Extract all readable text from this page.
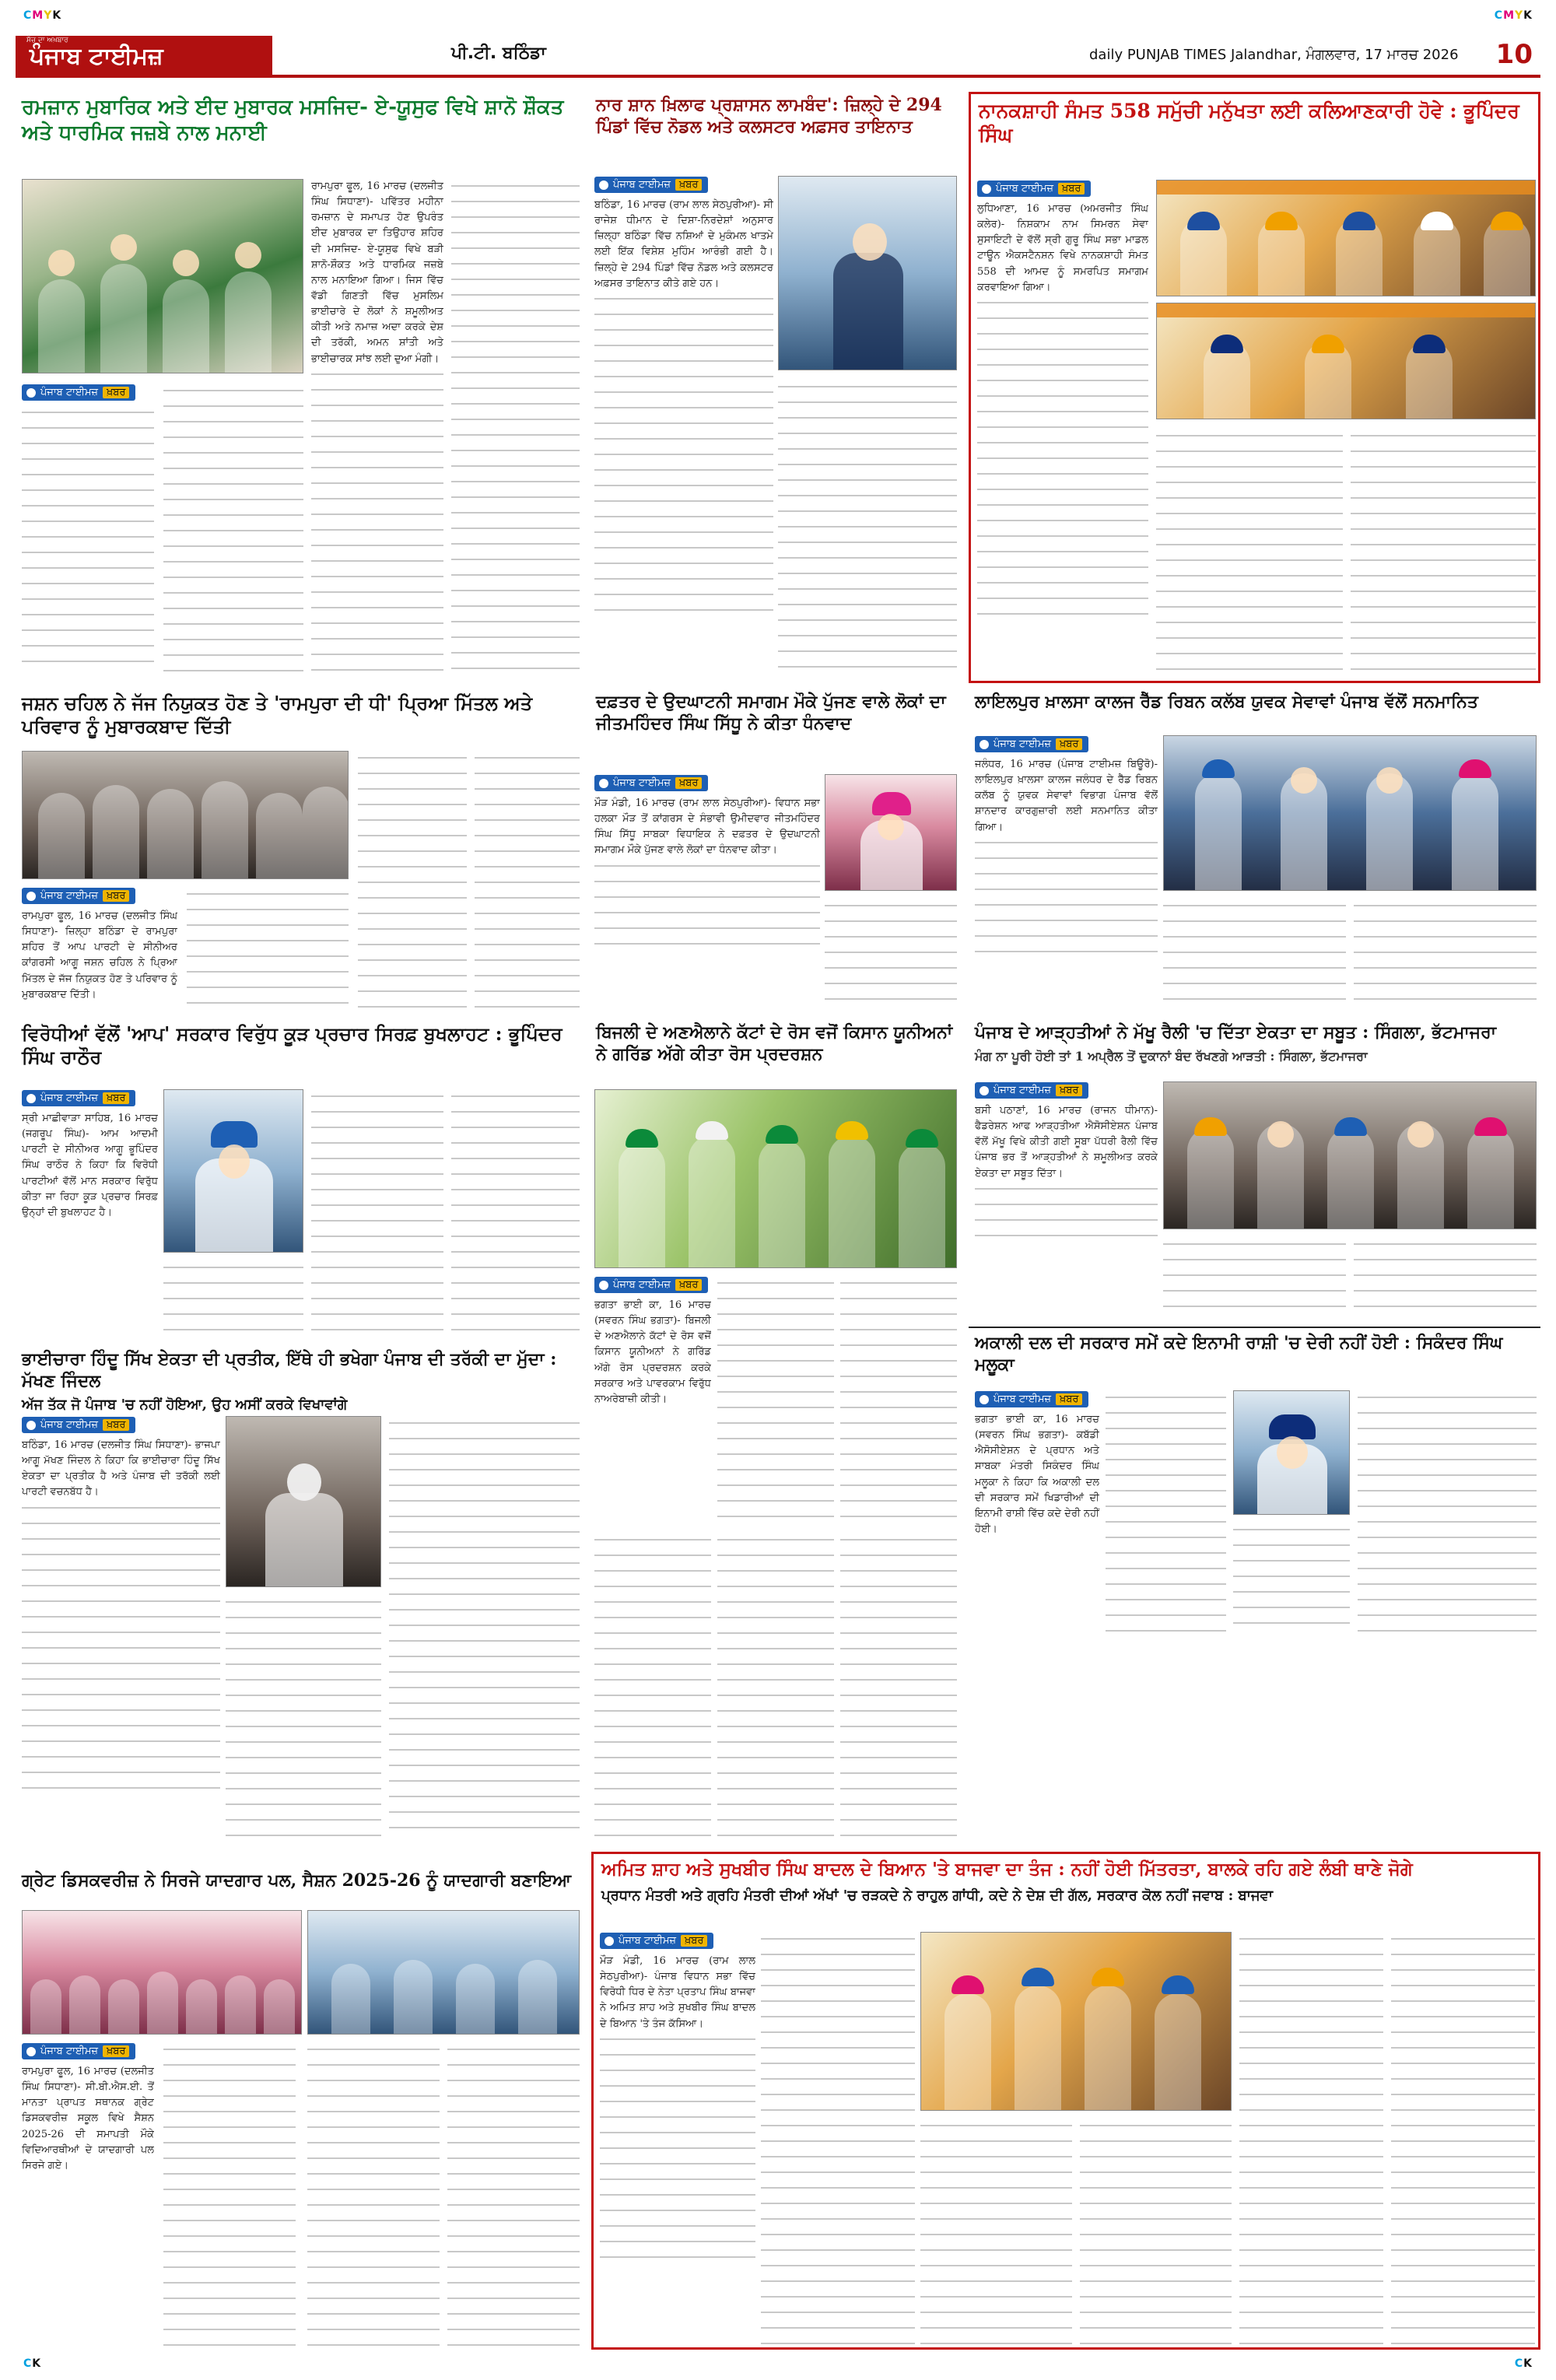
CMYK	CMYK
CK	CK
ਸੱਚ ਦਾ ਅਖ਼ਬਾਰ
ਪੰਜਾਬ ਟਾਈਮਜ਼	ਪੀ.ਟੀ. ਬਠਿੰਡਾ	daily PUNJAB TIMES Jalandhar, ਮੰਗਲਵਾਰ, 17 ਮਾਰਚ 2026 10
ਰਮਜ਼ਾਨ ਮੁਬਾਰਿਕ ਅਤੇ ਈਦ ਮੁਬਾਰਕ ਮਸਜਿਦ- ਏ-ਯੂਸੁਫ ਵਿਖੇ ਸ਼ਾਨੋ ਸ਼ੌਕਤ ਅਤੇ ਧਾਰਮਿਕ ਜਜ਼ਬੇ ਨਾਲ ਮਨਾਈ

ਰਾਮਪੁਰਾ ਫੂਲ, 16 ਮਾਰਚ (ਦਲਜੀਤ ਸਿੰਘ ਸਿਧਾਣਾ)- ਪਵਿੱਤਰ ਮਹੀਨਾ ਰਮਜ਼ਾਨ ਦੇ ਸਮਾਪਤ ਹੋਣ ਉਪਰੰਤ ਈਦ ਮੁਬਾਰਕ ਦਾ ਤਿਉਹਾਰ ਸ਼ਹਿਰ ਦੀ ਮਸਜਿਦ- ਏ-ਯੂਸੁਫ ਵਿਖੇ ਬੜੀ ਸ਼ਾਨੋ-ਸ਼ੌਕਤ ਅਤੇ ਧਾਰਮਿਕ ਜਜ਼ਬੇ ਨਾਲ ਮਨਾਇਆ ਗਿਆ। ਜਿਸ ਵਿੱਚ ਵੱਡੀ ਗਿਣਤੀ ਵਿੱਚ ਮੁਸਲਿਮ ਭਾਈਚਾਰੇ ਦੇ ਲੋਕਾਂ ਨੇ ਸ਼ਮੂਲੀਅਤ ਕੀਤੀ ਅਤੇ ਨਮਾਜ਼ ਅਦਾ ਕਰਕੇ ਦੇਸ਼ ਦੀ ਤਰੱਕੀ, ਅਮਨ ਸ਼ਾਂਤੀ ਅਤੇ ਭਾਈਚਾਰਕ ਸਾਂਝ ਲਈ ਦੁਆ ਮੰਗੀ।

ਪੰਜਾਬ ਟਾਈਮਜ਼ ਖ਼ਬਰ
ਨਾਰ ਸ਼ਾਨ ਖ਼ਿਲਾਫ ਪ੍ਰਸ਼ਾਸਨ ਲਾਮਬੰਦ': ਜ਼ਿਲ੍ਹੇ ਦੇ 294 ਪਿੰਡਾਂ ਵਿੱਚ ਨੋਡਲ ਅਤੇ ਕਲਸਟਰ ਅਫ਼ਸਰ ਤਾਇਨਾਤ
ਪੰਜਾਬ ਟਾਈਮਜ਼ ਖ਼ਬਰ

ਬਠਿੰਡਾ, 16 ਮਾਰਚ (ਰਾਮ ਲਾਲ ਸੇਠਪੁਰੀਆ)- ਸੀ ਰਾਜੇਸ਼ ਧੀਮਾਨ ਦੇ ਦਿਸ਼ਾ-ਨਿਰਦੇਸ਼ਾਂ ਅਨੁਸਾਰ ਜ਼ਿਲ੍ਹਾ ਬਠਿੰਡਾ ਵਿੱਚ ਨਸ਼ਿਆਂ ਦੇ ਮੁਕੰਮਲ ਖਾਤਮੇ ਲਈ ਇੱਕ ਵਿਸ਼ੇਸ਼ ਮੁਹਿੰਮ ਆਰੰਭੀ ਗਈ ਹੈ। ਜ਼ਿਲ੍ਹੇ ਦੇ 294 ਪਿੰਡਾਂ ਵਿੱਚ ਨੋਡਲ ਅਤੇ ਕਲਸਟਰ ਅਫ਼ਸਰ ਤਾਇਨਾਤ ਕੀਤੇ ਗਏ ਹਨ।

ਨਾਨਕਸ਼ਾਹੀ ਸੰਮਤ 558 ਸਮੁੱਚੀ ਮਨੁੱਖਤਾ ਲਈ ਕਲਿਆਣਕਾਰੀ ਹੋਵੇ : ਭੂਪਿੰਦਰ ਸਿੰਘ
ਪੰਜਾਬ ਟਾਈਮਜ਼ ਖ਼ਬਰ

ਲੁਧਿਆਣਾ, 16 ਮਾਰਚ (ਅਮਰਜੀਤ ਸਿੰਘ ਕਲੇਰ)- ਨਿਸ਼ਕਾਮ ਨਾਮ ਸਿਮਰਨ ਸੇਵਾ ਸੁਸਾਇਟੀ ਦੇ ਵੱਲੋਂ ਸ੍ਰੀ ਗੁਰੂ ਸਿੰਘ ਸਭਾ ਮਾਡਲ ਟਾਊਨ ਐਕਸਟੈਨਸ਼ਨ ਵਿਖੇ ਨਾਨਕਸ਼ਾਹੀ ਸੰਮਤ 558 ਦੀ ਆਮਦ ਨੂੰ ਸਮਰਪਿਤ ਸਮਾਗਮ ਕਰਵਾਇਆ ਗਿਆ।

ਜਸ਼ਨ ਚਹਿਲ ਨੇ ਜੱਜ ਨਿਯੁਕਤ ਹੋਣ ਤੇ 'ਰਾਮਪੁਰਾ ਦੀ ਧੀ' ਪ੍ਰਿਆ ਮਿੱਤਲ ਅਤੇ ਪਰਿਵਾਰ ਨੂੰ ਮੁਬਾਰਕਬਾਦ ਦਿੱਤੀ
ਪੰਜਾਬ ਟਾਈਮਜ਼ ਖ਼ਬਰ

ਰਾਮਪੁਰਾ ਫੂਲ, 16 ਮਾਰਚ (ਦਲਜੀਤ ਸਿੰਘ ਸਿਧਾਣਾ)- ਜ਼ਿਲ੍ਹਾ ਬਠਿੰਡਾ ਦੇ ਰਾਮਪੁਰਾ ਸ਼ਹਿਰ ਤੋਂ ਆਪ ਪਾਰਟੀ ਦੇ ਸੀਨੀਅਰ ਕਾਂਗਰਸੀ ਆਗੂ ਜਸ਼ਨ ਚਹਿਲ ਨੇ ਪ੍ਰਿਆ ਮਿੱਤਲ ਦੇ ਜੱਜ ਨਿਯੁਕਤ ਹੋਣ ਤੇ ਪਰਿਵਾਰ ਨੂੰ ਮੁਬਾਰਕਬਾਦ ਦਿੱਤੀ।

ਦਫ਼ਤਰ ਦੇ ਉਦਘਾਟਨੀ ਸਮਾਗਮ ਮੌਕੇ ਪੁੱਜਣ ਵਾਲੇ ਲੋਕਾਂ ਦਾ ਜੀਤਮਹਿੰਦਰ ਸਿੰਘ ਸਿੱਧੂ ਨੇ ਕੀਤਾ ਧੰਨਵਾਦ
ਪੰਜਾਬ ਟਾਈਮਜ਼ ਖ਼ਬਰ

ਮੌੜ ਮੰਡੀ, 16 ਮਾਰਚ (ਰਾਮ ਲਾਲ ਸੇਠਪੁਰੀਆ)- ਵਿਧਾਨ ਸਭਾ ਹਲਕਾ ਮੌੜ ਤੋਂ ਕਾਂਗਰਸ ਦੇ ਸੰਭਾਵੀ ਉਮੀਦਵਾਰ ਜੀਤਮਹਿੰਦਰ ਸਿੰਘ ਸਿੱਧੂ ਸਾਬਕਾ ਵਿਧਾਇਕ ਨੇ ਦਫ਼ਤਰ ਦੇ ਉਦਘਾਟਨੀ ਸਮਾਗਮ ਮੌਕੇ ਪੁੱਜਣ ਵਾਲੇ ਲੋਕਾਂ ਦਾ ਧੰਨਵਾਦ ਕੀਤਾ।

ਲਾਇਲਪੁਰ ਖ਼ਾਲਸਾ ਕਾਲਜ ਰੈੱਡ ਰਿਬਨ ਕਲੱਬ ਯੁਵਕ ਸੇਵਾਵਾਂ ਪੰਜਾਬ ਵੱਲੋਂ ਸਨਮਾਨਿਤ
ਪੰਜਾਬ ਟਾਈਮਜ਼ ਖ਼ਬਰ

ਜਲੰਧਰ, 16 ਮਾਰਚ (ਪੰਜਾਬ ਟਾਈਮਜ਼ ਬਿਊਰੋ)- ਲਾਇਲਪੁਰ ਖ਼ਾਲਸਾ ਕਾਲਜ ਜਲੰਧਰ ਦੇ ਰੈੱਡ ਰਿਬਨ ਕਲੱਬ ਨੂੰ ਯੁਵਕ ਸੇਵਾਵਾਂ ਵਿਭਾਗ ਪੰਜਾਬ ਵੱਲੋਂ ਸ਼ਾਨਦਾਰ ਕਾਰਗੁਜ਼ਾਰੀ ਲਈ ਸਨਮਾਨਿਤ ਕੀਤਾ ਗਿਆ।

ਵਿਰੋਧੀਆਂ ਵੱਲੋਂ 'ਆਪ' ਸਰਕਾਰ ਵਿਰੁੱਧ ਕੂੜ ਪ੍ਰਚਾਰ ਸਿਰਫ਼ ਬੁਖਲਾਹਟ : ਭੂਪਿੰਦਰ ਸਿੰਘ ਰਾਠੌਰ
ਪੰਜਾਬ ਟਾਈਮਜ਼ ਖ਼ਬਰ

ਸ੍ਰੀ ਮਾਛੀਵਾੜਾ ਸਾਹਿਬ, 16 ਮਾਰਚ (ਜਗਰੂਪ ਸਿੰਘ)- ਆਮ ਆਦਮੀ ਪਾਰਟੀ ਦੇ ਸੀਨੀਅਰ ਆਗੂ ਭੂਪਿੰਦਰ ਸਿੰਘ ਰਾਠੌਰ ਨੇ ਕਿਹਾ ਕਿ ਵਿਰੋਧੀ ਪਾਰਟੀਆਂ ਵੱਲੋਂ ਮਾਨ ਸਰਕਾਰ ਵਿਰੁੱਧ ਕੀਤਾ ਜਾ ਰਿਹਾ ਕੂੜ ਪ੍ਰਚਾਰ ਸਿਰਫ਼ ਉਨ੍ਹਾਂ ਦੀ ਬੁਖਲਾਹਟ ਹੈ।

ਬਿਜਲੀ ਦੇ ਅਣਐਲਾਨੇ ਕੱਟਾਂ ਦੇ ਰੋਸ ਵਜੋਂ ਕਿਸਾਨ ਯੂਨੀਅਨਾਂ ਨੇ ਗਰਿੱਡ ਅੱਗੇ ਕੀਤਾ ਰੋਸ ਪ੍ਰਦਰਸ਼ਨ
ਪੰਜਾਬ ਟਾਈਮਜ਼ ਖ਼ਬਰ

ਭਗਤਾ ਭਾਈ ਕਾ, 16 ਮਾਰਚ (ਸਵਰਨ ਸਿੰਘ ਭਗਤਾ)- ਬਿਜਲੀ ਦੇ ਅਣਐਲਾਨੇ ਕੱਟਾਂ ਦੇ ਰੋਸ ਵਜੋਂ ਕਿਸਾਨ ਯੂਨੀਅਨਾਂ ਨੇ ਗਰਿੱਡ ਅੱਗੇ ਰੋਸ ਪ੍ਰਦਰਸ਼ਨ ਕਰਕੇ ਸਰਕਾਰ ਅਤੇ ਪਾਵਰਕਾਮ ਵਿਰੁੱਧ ਨਾਅਰੇਬਾਜ਼ੀ ਕੀਤੀ।

ਪੰਜਾਬ ਦੇ ਆੜ੍ਹਤੀਆਂ ਨੇ ਮੱਖੂ ਰੈਲੀ 'ਚ ਦਿੱਤਾ ਏਕਤਾ ਦਾ ਸਬੂਤ : ਸਿੰਗਲਾ, ਭੱਟਮਾਜਰਾ
ਮੰਗ ਨਾ ਪੂਰੀ ਹੋਈ ਤਾਂ 1 ਅਪ੍ਰੈਲ ਤੋਂ ਦੁਕਾਨਾਂ ਬੰਦ ਰੱਖਣਗੇ ਆੜਤੀ : ਸਿੰਗਲਾ, ਭੱਟਮਾਜਰਾ
ਪੰਜਾਬ ਟਾਈਮਜ਼ ਖ਼ਬਰ

ਬਸੀ ਪਠਾਣਾਂ, 16 ਮਾਰਚ (ਰਾਜਨ ਧੀਮਾਨ)- ਫੈਡਰੇਸ਼ਨ ਆਫ ਆੜ੍ਹਤੀਆ ਐਸੋਸੀਏਸ਼ਨ ਪੰਜਾਬ ਵੱਲੋਂ ਮੱਖੂ ਵਿਖੇ ਕੀਤੀ ਗਈ ਸੂਬਾ ਪੱਧਰੀ ਰੈਲੀ ਵਿੱਚ ਪੰਜਾਬ ਭਰ ਤੋਂ ਆੜ੍ਹਤੀਆਂ ਨੇ ਸ਼ਮੂਲੀਅਤ ਕਰਕੇ ਏਕਤਾ ਦਾ ਸਬੂਤ ਦਿੱਤਾ।

ਅਕਾਲੀ ਦਲ ਦੀ ਸਰਕਾਰ ਸਮੇਂ ਕਦੇ ਇਨਾਮੀ ਰਾਸ਼ੀ 'ਚ ਦੇਰੀ ਨਹੀਂ ਹੋਈ : ਸਿਕੰਦਰ ਸਿੰਘ ਮਲੂਕਾ
ਪੰਜਾਬ ਟਾਈਮਜ਼ ਖ਼ਬਰ

ਭਗਤਾ ਭਾਈ ਕਾ, 16 ਮਾਰਚ (ਸਵਰਨ ਸਿੰਘ ਭਗਤਾ)- ਕਬੱਡੀ ਐਸੋਸੀਏਸ਼ਨ ਦੇ ਪ੍ਰਧਾਨ ਅਤੇ ਸਾਬਕਾ ਮੰਤਰੀ ਸਿਕੰਦਰ ਸਿੰਘ ਮਲੂਕਾ ਨੇ ਕਿਹਾ ਕਿ ਅਕਾਲੀ ਦਲ ਦੀ ਸਰਕਾਰ ਸਮੇਂ ਖਿਡਾਰੀਆਂ ਦੀ ਇਨਾਮੀ ਰਾਸ਼ੀ ਵਿੱਚ ਕਦੇ ਦੇਰੀ ਨਹੀਂ ਹੋਈ।

ਭਾਈਚਾਰਾ ਹਿੰਦੂ ਸਿੱਖ ਏਕਤਾ ਦੀ ਪ੍ਰਤੀਕ, ਇੱਥੇ ਹੀ ਭਖੇਗਾ ਪੰਜਾਬ ਦੀ ਤਰੱਕੀ ਦਾ ਮੁੱਦਾ : ਮੱਖਣ ਜਿੰਦਲ
ਅੱਜ ਤੱਕ ਜੋ ਪੰਜਾਬ 'ਚ ਨਹੀਂ ਹੋਇਆ, ਉਹ ਅਸੀਂ ਕਰਕੇ ਵਿਖਾਵਾਂਗੇ
ਪੰਜਾਬ ਟਾਈਮਜ਼ ਖ਼ਬਰ

ਬਠਿੰਡਾ, 16 ਮਾਰਚ (ਦਲਜੀਤ ਸਿੰਘ ਸਿਧਾਣਾ)- ਭਾਜਪਾ ਆਗੂ ਮੱਖਣ ਜਿੰਦਲ ਨੇ ਕਿਹਾ ਕਿ ਭਾਈਚਾਰਾ ਹਿੰਦੂ ਸਿੱਖ ਏਕਤਾ ਦਾ ਪ੍ਰਤੀਕ ਹੈ ਅਤੇ ਪੰਜਾਬ ਦੀ ਤਰੱਕੀ ਲਈ ਪਾਰਟੀ ਵਚਨਬੱਧ ਹੈ।

ਗ੍ਰੇਟ ਡਿਸਕਵਰੀਜ਼ ਨੇ ਸਿਰਜੇ ਯਾਦਗਾਰ ਪਲ, ਸੈਸ਼ਨ 2025-26 ਨੂੰ ਯਾਦਗਾਰੀ ਬਣਾਇਆ
ਪੰਜਾਬ ਟਾਈਮਜ਼ ਖ਼ਬਰ

ਰਾਮਪੁਰਾ ਫੂਲ, 16 ਮਾਰਚ (ਦਲਜੀਤ ਸਿੰਘ ਸਿਧਾਣਾ)- ਸੀ.ਬੀ.ਐਸ.ਈ. ਤੋਂ ਮਾਨਤਾ ਪ੍ਰਾਪਤ ਸਥਾਨਕ ਗ੍ਰੇਟ ਡਿਸਕਵਰੀਜ਼ ਸਕੂਲ ਵਿਖੇ ਸੈਸ਼ਨ 2025-26 ਦੀ ਸਮਾਪਤੀ ਮੌਕੇ ਵਿਦਿਆਰਥੀਆਂ ਦੇ ਯਾਦਗਾਰੀ ਪਲ ਸਿਰਜੇ ਗਏ।

ਅਮਿਤ ਸ਼ਾਹ ਅਤੇ ਸੁਖਬੀਰ ਸਿੰਘ ਬਾਦਲ ਦੇ ਬਿਆਨ 'ਤੇ ਬਾਜਵਾ ਦਾ ਤੰਜ : ਨਹੀਂ ਹੋਈ ਮਿੱਤਰਤਾ, ਬਾਲਕੇ ਰਹਿ ਗਏ ਲੰਬੀ ਥਾਣੇ ਜੋਗੇ
ਪ੍ਰਧਾਨ ਮੰਤਰੀ ਅਤੇ ਗ੍ਰਹਿ ਮੰਤਰੀ ਦੀਆਂ ਅੱਖਾਂ 'ਚ ਰੜਕਦੇ ਨੇ ਰਾਹੁਲ ਗਾਂਧੀ, ਕਦੇ ਨੇ ਦੇਸ਼ ਦੀ ਗੱਲ, ਸਰਕਾਰ ਕੋਲ ਨਹੀਂ ਜਵਾਬ : ਬਾਜਵਾ
ਪੰਜਾਬ ਟਾਈਮਜ਼ ਖ਼ਬਰ

ਮੌੜ ਮੰਡੀ, 16 ਮਾਰਚ (ਰਾਮ ਲਾਲ ਸੇਠਪੁਰੀਆ)- ਪੰਜਾਬ ਵਿਧਾਨ ਸਭਾ ਵਿੱਚ ਵਿਰੋਧੀ ਧਿਰ ਦੇ ਨੇਤਾ ਪ੍ਰਤਾਪ ਸਿੰਘ ਬਾਜਵਾ ਨੇ ਅਮਿਤ ਸ਼ਾਹ ਅਤੇ ਸੁਖਬੀਰ ਸਿੰਘ ਬਾਦਲ ਦੇ ਬਿਆਨ 'ਤੇ ਤੰਜ ਕੱਸਿਆ।
